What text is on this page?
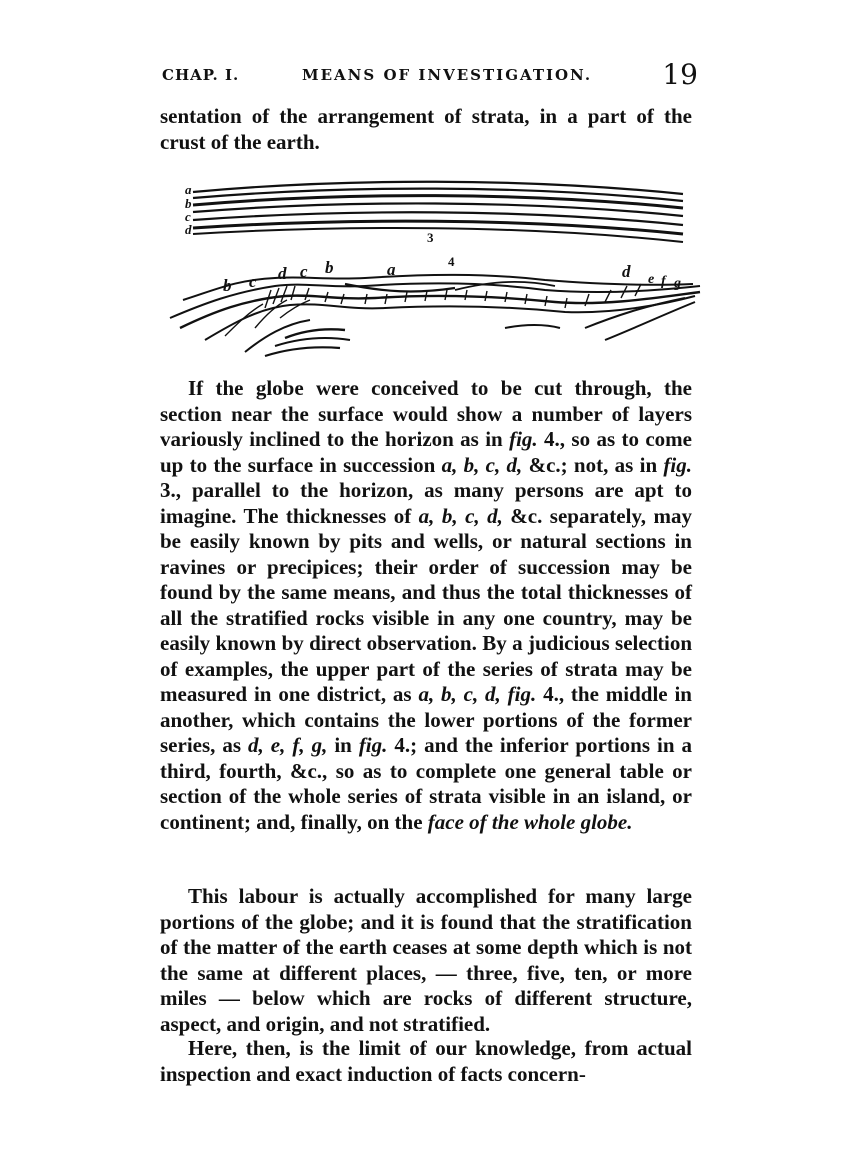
CHAP. I.	MEANS OF INVESTIGATION.	19

sentation of the arrangement of strata, in a part of the crust of the earth.

a
b
c
d
3
4
b c d c b	a	d e f g

If the globe were conceived to be cut through, the section near the surface would show a number of layers variously inclined to the horizon as in fig. 4., so as to come up to the surface in succession a, b, c, d, &c.; not, as in fig. 3., parallel to the horizon, as many persons are apt to imagine. The thicknesses of a, b, c, d, &c. separately, may be easily known by pits and wells, or natural sections in ravines or precipices; their order of succession may be found by the same means, and thus the total thicknesses of all the stratified rocks visible in any one country, may be easily known by direct observation. By a judicious selection of examples, the upper part of the series of strata may be measured in one district, as a, b, c, d, fig. 4., the middle in another, which contains the lower portions of the former series, as d, e, f, g, in fig. 4.; and the inferior portions in a third, fourth, &c., so as to complete one general table or section of the whole series of strata visible in an island, or continent; and, finally, on the face of the whole globe.

This labour is actually accomplished for many large portions of the globe; and it is found that the stratification of the matter of the earth ceases at some depth which is not the same at different places, — three, five, ten, or more miles — below which are rocks of different structure, aspect, and origin, and not stratified.

Here, then, is the limit of our knowledge, from actual inspection and exact induction of facts concern-
